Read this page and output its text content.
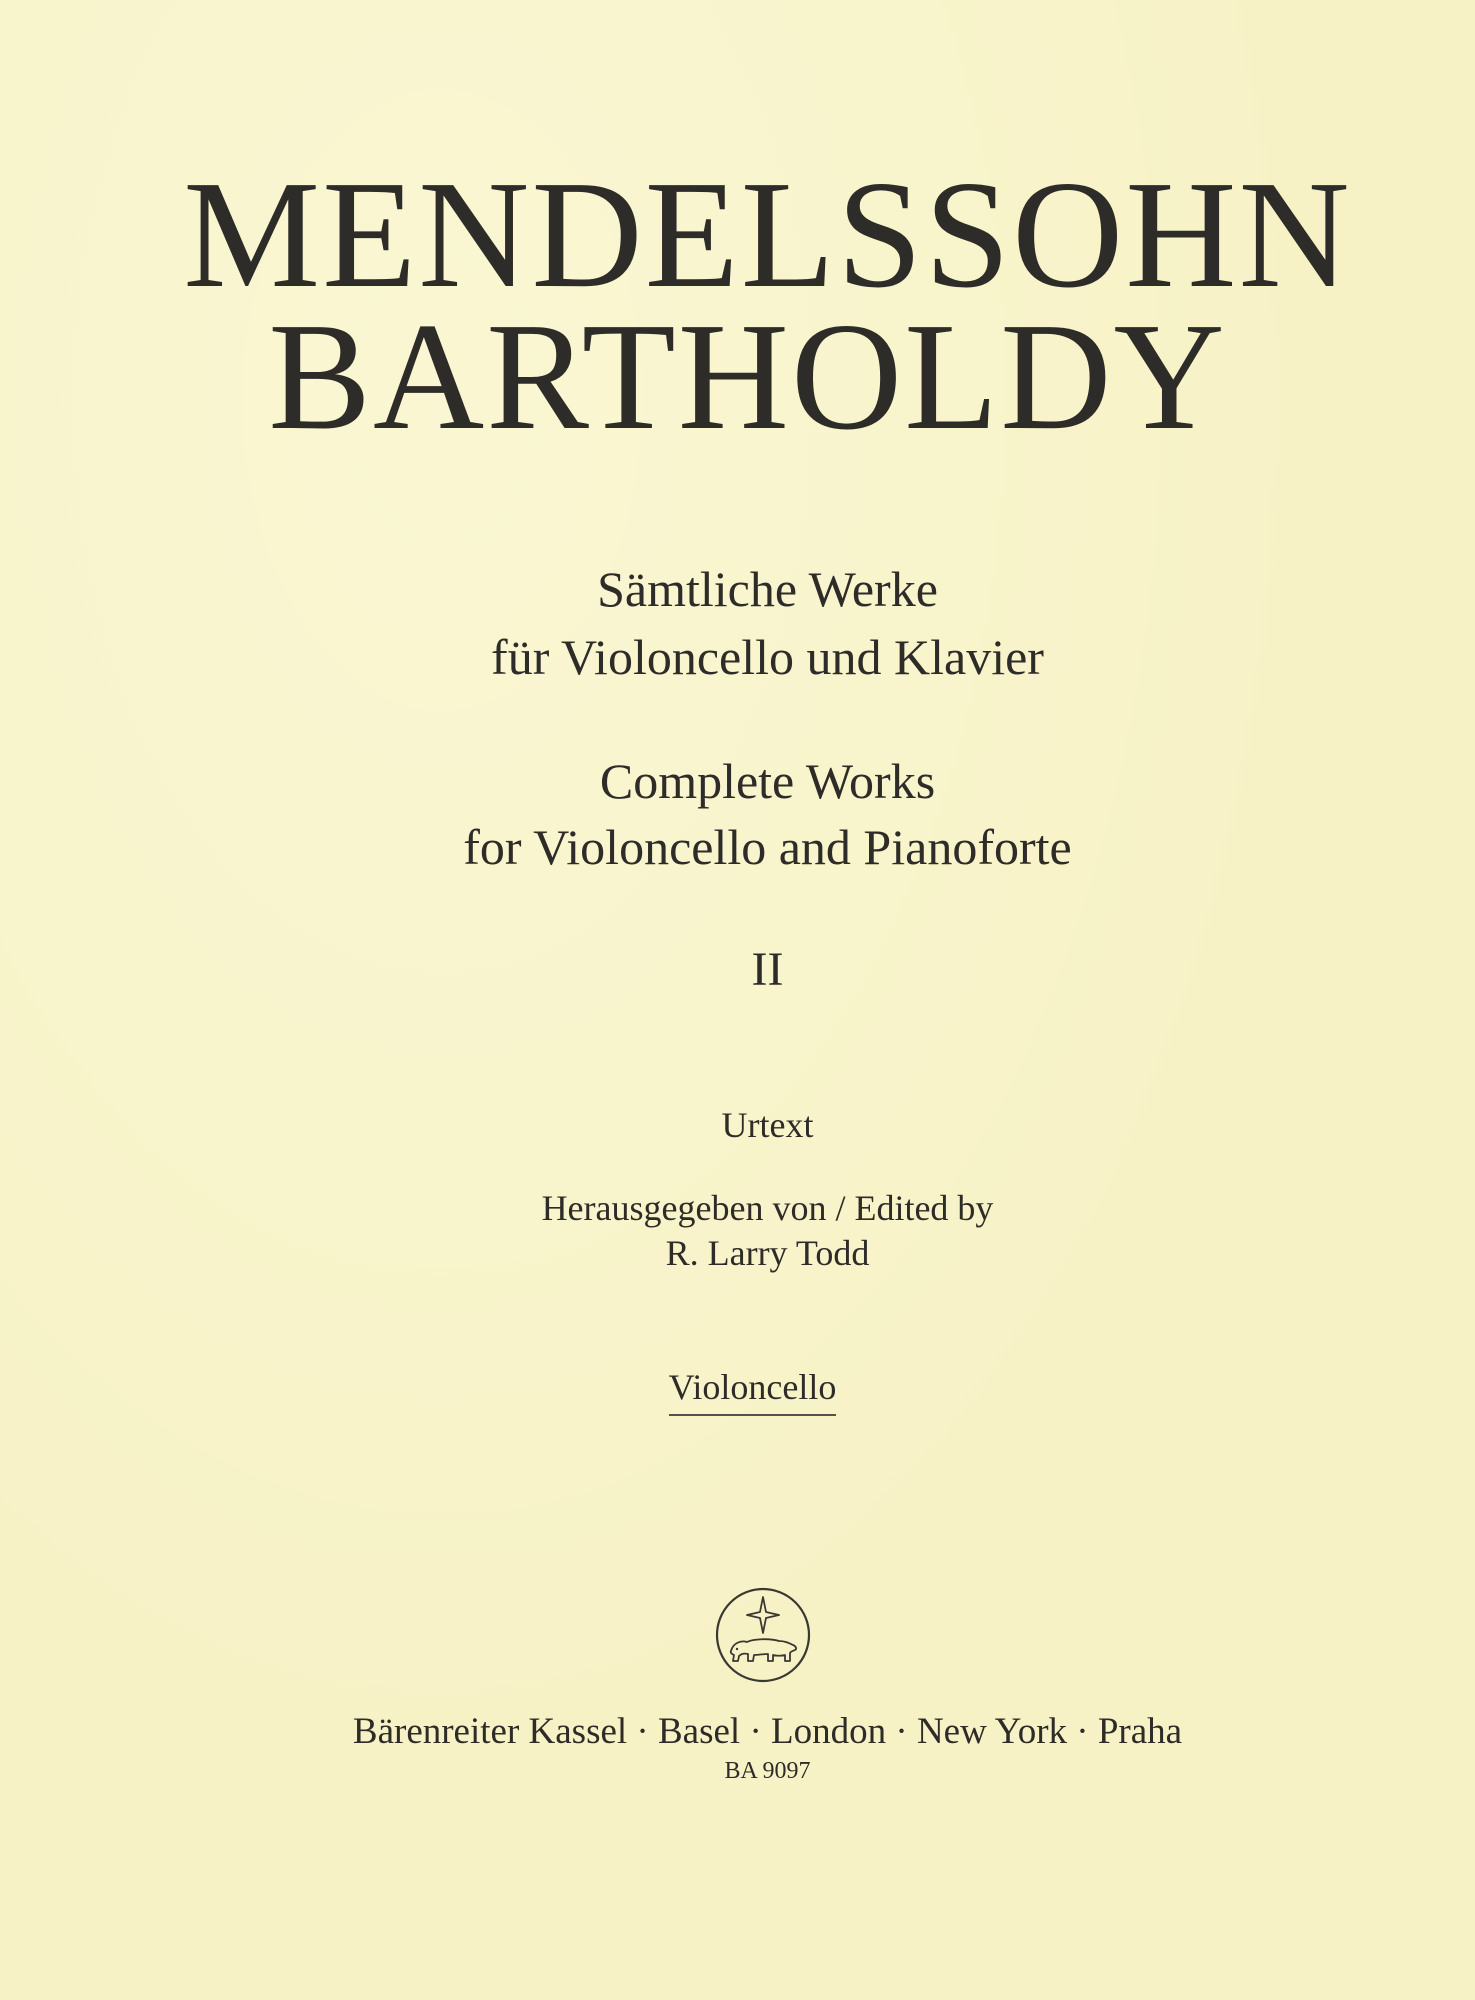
MENDELSSOHN
BARTHOLDY
Sämtliche Werke
für Violoncello und Klavier
Complete Works
for Violoncello and Pianoforte
II
Urtext
Herausgegeben von / Edited by
R. Larry Todd
Violoncello
Bärenreiter Kassel · Basel · London · New York · Praha
BA 9097
